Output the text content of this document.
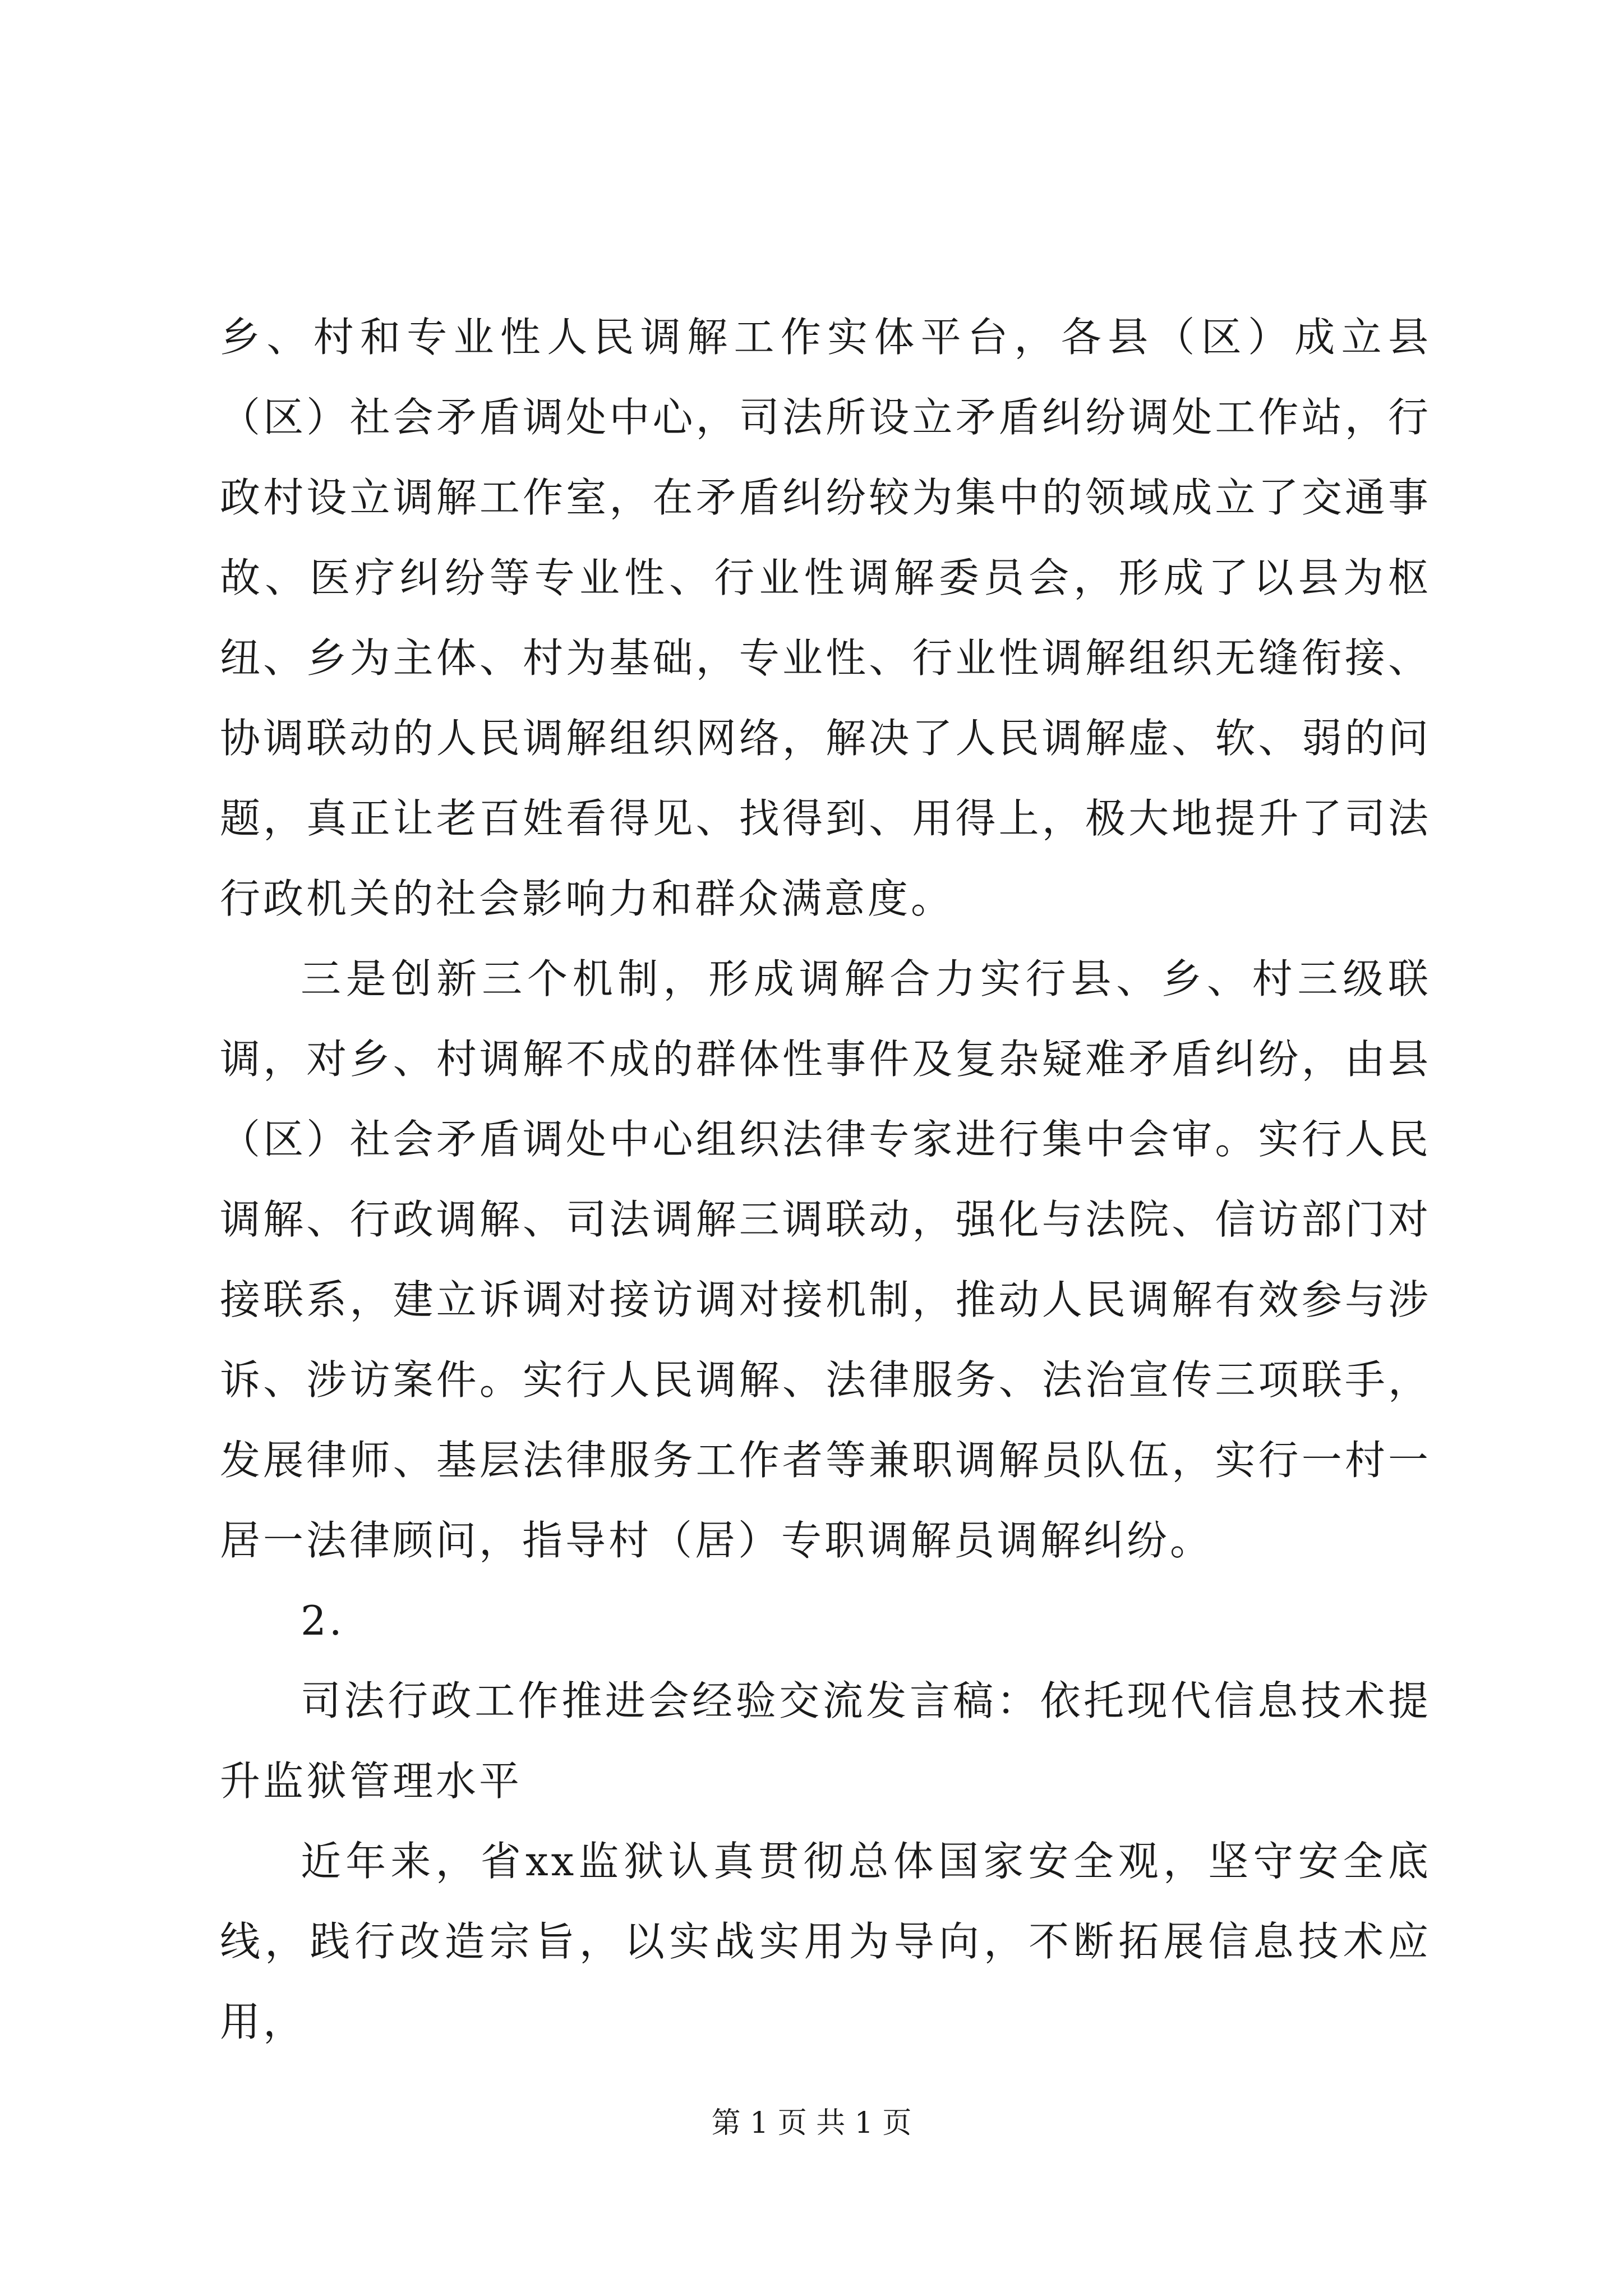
乡、村和专业性人民调解工作实体平台，各县（区）成立县（区）社会矛盾调处中心，司法所设立矛盾纠纷调处工作站，行政村设立调解工作室，在矛盾纠纷较为集中的领域成立了交通事故、医疗纠纷等专业性、行业性调解委员会，形成了以县为枢纽、乡为主体、村为基础，专业性、行业性调解组织无缝衔接、协调联动的人民调解组织网络，解决了人民调解虚、软、弱的问题，真正让老百姓看得见、找得到、用得上，极大地提升了司法行政机关的社会影响力和群众满意度。

三是创新三个机制，形成调解合力实行县、乡、村三级联调，对乡、村调解不成的群体性事件及复杂疑难矛盾纠纷，由县（区）社会矛盾调处中心组织法律专家进行集中会审。实行人民调解、行政调解、司法调解三调联动，强化与法院、信访部门对接联系，建立诉调对接访调对接机制，推动人民调解有效参与涉诉、涉访案件。实行人民调解、法律服务、法治宣传三项联手，发展律师、基层法律服务工作者等兼职调解员队伍，实行一村一居一法律顾问，指导村（居）专职调解员调解纠纷。

2.

司法行政工作推进会经验交流发言稿：依托现代信息技术提升监狱管理水平

近年来，省xx监狱认真贯彻总体国家安全观，坚守安全底线，践行改造宗旨，以实战实用为导向，不断拓展信息技术应用，

第 1 页 共 1 页
